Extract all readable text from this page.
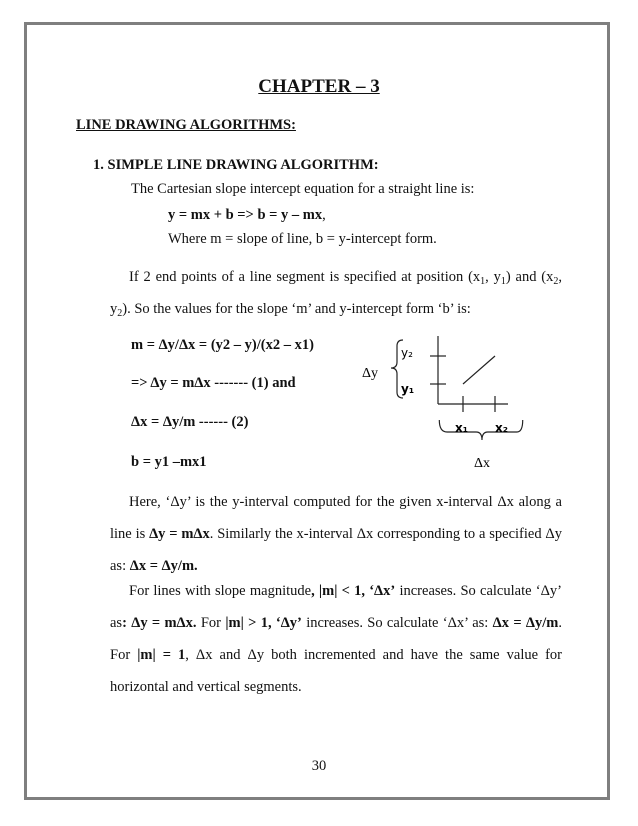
CHAPTER – 3
LINE DRAWING ALGORITHMS:
1. SIMPLE LINE DRAWING ALGORITHM:
The Cartesian slope intercept equation for a straight line is:
y = mx + b => b = y – mx,
Where m = slope of line, b = y-intercept form.
If 2 end points of a line segment is specified at position ($x_1$, $y_1$) and ($x_2$, $y_2$). So the values for the slope ‘m’ and y-intercept form ‘b’ is:
m = Δy/Δx = (y2 – y)/(x2 – x1)
=> Δy = mΔx ------- (1) and
Δx = Δy/m ------ (2)
b = y1 –mx1
y₂
y₁
Δy
x₁ x₂
Δx
Here, ‘Δy’ is the y-interval computed for the given x-interval Δx along a line is Δy = mΔx. Similarly the x-interval Δx corresponding to a specified Δy as: Δx = Δy/m.
For lines with slope magnitude, |m| < 1, ‘Δx’ increases. So calculate ‘Δy’ as: Δy = mΔx. For |m| > 1, ‘Δy’ increases. So calculate ‘Δx’ as: Δx = Δy/m. For |m| = 1, Δx and Δy both incremented and have the same value for horizontal and vertical segments.
30
